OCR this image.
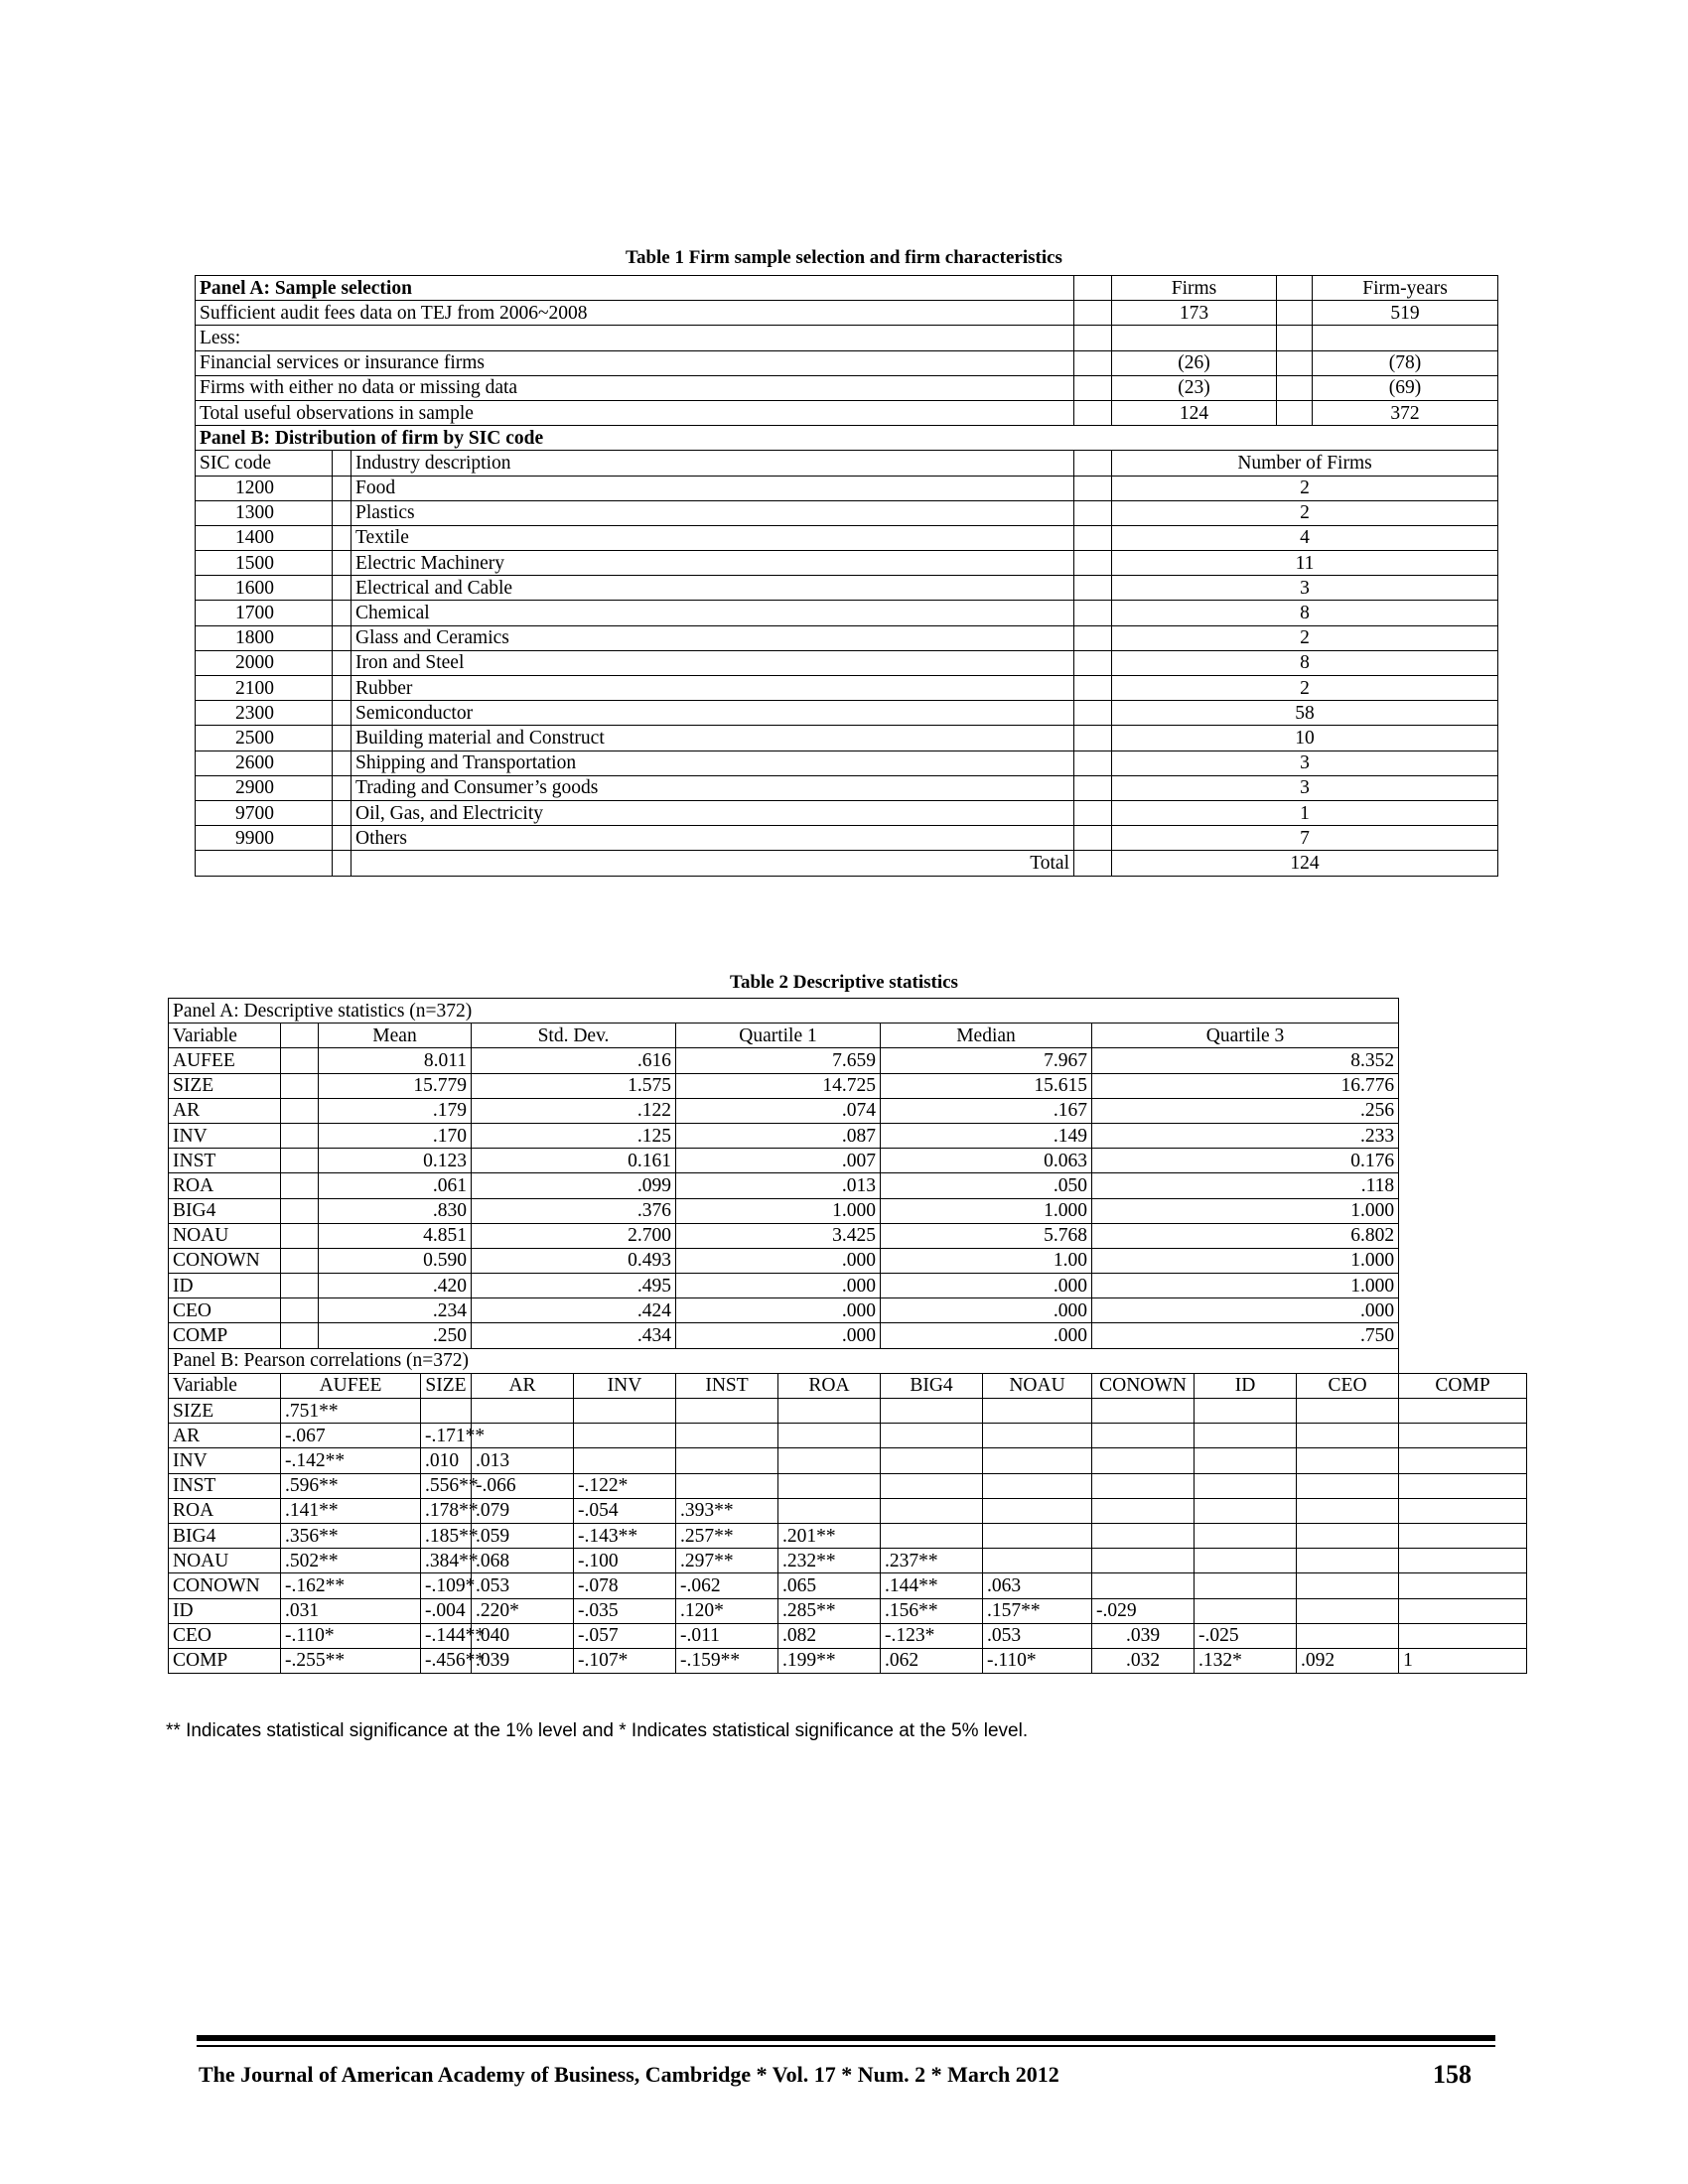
Table 1 Firm sample selection and firm characteristics
Panel A: Sample selection				Firms		Firm-years
Sufficient audit fees data on TEJ from 2006~2008				173		519
Less:						
Financial services or insurance firms				(26)		(78)
Firms with either no data or missing data				(23)		(69)
Total useful observations in sample				124		372
Panel B: Distribution of firm by SIC code						
SIC code		Industry description		Number of Firms		
1200		Food		2		
1300		Plastics		2		
1400		Textile		4		
1500		Electric Machinery		11		
1600		Electrical and Cable		3		
1700		Chemical		8		
1800		Glass and Ceramics		2		
2000		Iron and Steel		8		
2100		Rubber		2		
2300		Semiconductor		58		
2500		Building material and Construct		10		
2600		Shipping and Transportation		3		
2900		Trading and Consumer’s goods		3		
9700		Oil, Gas, and Electricity		1		
9900		Others		7		
		Total		124		
Table 2 Descriptive statistics
Panel A: Descriptive statistics (n=372)													
Variable		Mean		Std. Dev.		Quartile 1		Median		Quartile 3			
AUFEE		8.011		.616		7.659		7.967		8.352			
SIZE		15.779		1.575		14.725		15.615		16.776			
AR		.179		.122		.074		.167		.256			
INV		.170		.125		.087		.149		.233			
INST		0.123		0.161		.007		0.063		0.176			
ROA		.061		.099		.013		.050		.118			
BIG4		.830		.376		1.000		1.000		1.000			
NOAU		4.851		2.700		3.425		5.768		6.802			
CONOWN		0.590		0.493		.000		1.00		1.000			
ID		.420		.495		.000		.000		1.000			
CEO		.234		.424		.000		.000		.000			
COMP		.250		.434		.000		.000		.750			
Panel B: Pearson correlations (n=372)													
Variable	AUFEE		SIZE	AR	INV	INST	ROA	BIG4	NOAU	CONOWN	ID	CEO	COMP
SIZE	.751**												
AR	-.067		-.171**										
INV	-.142**		.010	.013									
INST	.596**		.556**	-.066	-.122*								
ROA	.141**		.178**	.079	-.054	.393**							
BIG4	.356**		.185**	.059	-.143**	.257**	.201**						
NOAU	.502**		.384**	.068	-.100	.297**	.232**	.237**					
CONOWN	-.162**		-.109*	.053	-.078	-.062	.065	.144**	.063				
ID	.031		-.004	.220*	-.035	.120*	.285**	.156**	.157**	-.029			
CEO	-.110*		-.144**	.040	-.057	-.011	.082	-.123*	.053	.039	-.025		
COMP	-.255**		-.456**	.039	-.107*	-.159**	.199**	.062	-.110*	.032	.132*	.092	1
** Indicates statistical significance at the 1% level and * Indicates statistical significance at the 5% level.
The Journal of American Academy of Business, Cambridge * Vol. 17 * Num. 2 * March 2012	158
